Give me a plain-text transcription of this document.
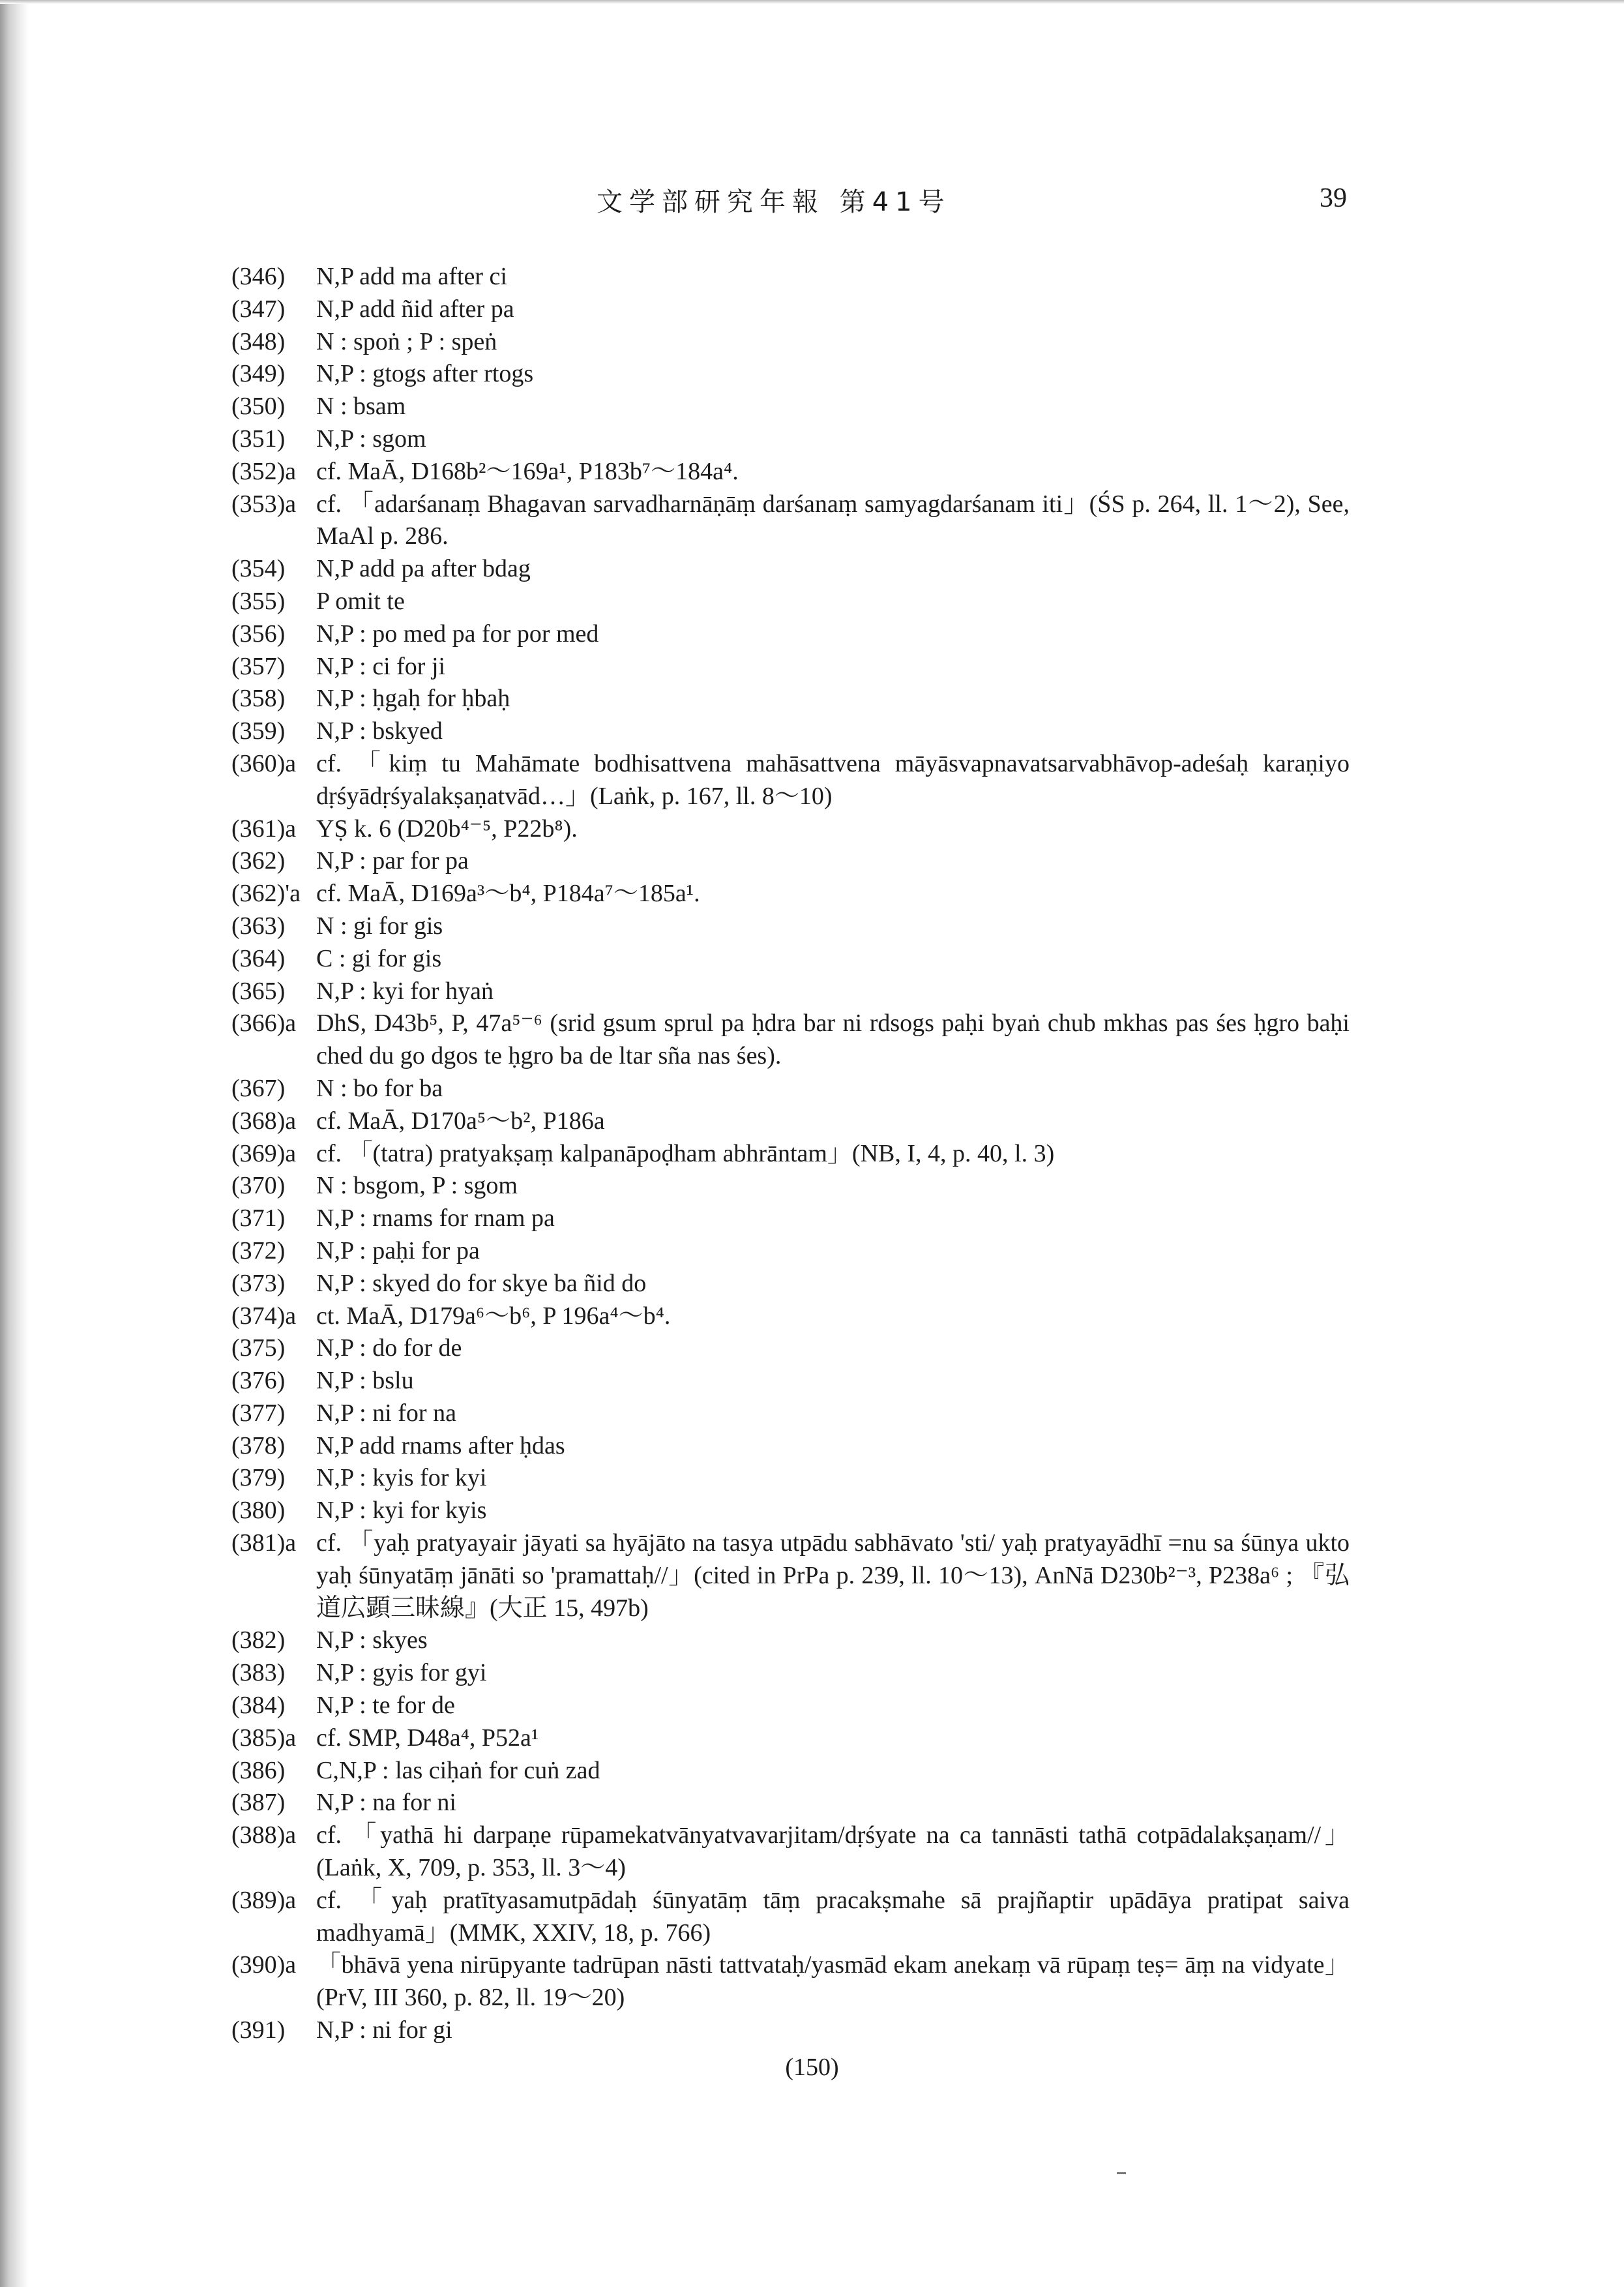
文学部研究年報 第41号	39
(346)	N,P add ma after ci
(347)	N,P add ñid after pa
(348)	N : spoṅ ; P : speṅ
(349)	N,P : gtogs after rtogs
(350)	N : bsam
(351)	N,P : sgom
(352)a cf. MaĀ, D168b²～169a¹, P183b⁷～184a⁴.
(353)a cf. 「adarśanaṃ Bhagavan sarvadharnāṇāṃ darśanaṃ samyagdarśanam iti」(ŚS p. 264, ll. 1～2), See, MaAl p. 286.
(354)	N,P add pa after bdag
(355)	P omit te
(356)	N,P : po med pa for por med
(357)	N,P : ci for ji
(358)	N,P : ḥgaḥ for ḥbaḥ
(359)	N,P : bskyed
(360)a cf. 「kiṃ tu Mahāmate bodhisattvena mahāsattvena māyāsvapnavatsarvabhāvop-adeśaḥ karaṇiyo dṛśyādṛśyalakṣaṇatvād…」(Laṅk, p. 167, ll. 8～10)
(361)a YṢ k. 6 (D20b⁴⁻⁵, P22b⁸).
(362)	N,P : par for pa
(362)'a cf. MaĀ, D169a³～b⁴, P184a⁷～185a¹.
(363)	N : gi for gis
(364)	C : gi for gis
(365)	N,P : kyi for hyaṅ
(366)a DhS, D43b⁵, P, 47a⁵⁻⁶ (srid gsum sprul pa ḥdra bar ni rdsogs paḥi byaṅ chub mkhas pas śes ḥgro baḥi ched du go dgos te ḥgro ba de ltar sña nas śes).
(367)	N : bo for ba
(368)a cf. MaĀ, D170a⁵～b², P186a
(369)a cf. 「(tatra) pratyakṣaṃ kalpanāpoḍham abhrāntam」(NB, I, 4, p. 40, l. 3)
(370)	N : bsgom, P : sgom
(371)	N,P : rnams for rnam pa
(372)	N,P : paḥi for pa
(373)	N,P : skyed do for skye ba ñid do
(374)a ct. MaĀ, D179a⁶～b⁶, P 196a⁴～b⁴.
(375)	N,P : do for de
(376)	N,P : bslu
(377)	N,P : ni for na
(378)	N,P add rnams after ḥdas
(379)	N,P : kyis for kyi
(380)	N,P : kyi for kyis
(381)a cf. 「yaḥ pratyayair jāyati sa hyājāto na tasya utpādu sabhāvato 'sti/ yaḥ pratyayādhī =nu sa śūnya ukto yaḥ śūnyatāṃ jānāti so 'pramattaḥ//」(cited in PrPa p. 239, ll. 10～13), AnNā D230b²⁻³, P238a⁶ ; 『弘道広顕三昧線』(大正 15, 497b)
(382)	N,P : skyes
(383)	N,P : gyis for gyi
(384)	N,P : te for de
(385)a cf. SMP, D48a⁴, P52a¹
(386)	C,N,P : las ciḥaṅ for cuṅ zad
(387)	N,P : na for ni
(388)a cf. 「yathā hi darpaṇe rūpamekatvānyatvavarjitam/dṛśyate na ca tannāsti tathā cotpādalakṣaṇam//」(Laṅk, X, 709, p. 353, ll. 3～4)
(389)a cf. 「yaḥ pratītyasamutpādaḥ śūnyatāṃ tāṃ pracakṣmahe sā prajñaptir upādāya pratipat saiva madhyamā」(MMK, XXIV, 18, p. 766)
(390)a 「bhāvā yena nirūpyante tadrūpan nāsti tattvataḥ/yasmād ekam anekaṃ vā rūpaṃ teṣ= āṃ na vidyate」(PrV, III 360, p. 82, ll. 19～20)
(391)	N,P : ni for gi
(150)
